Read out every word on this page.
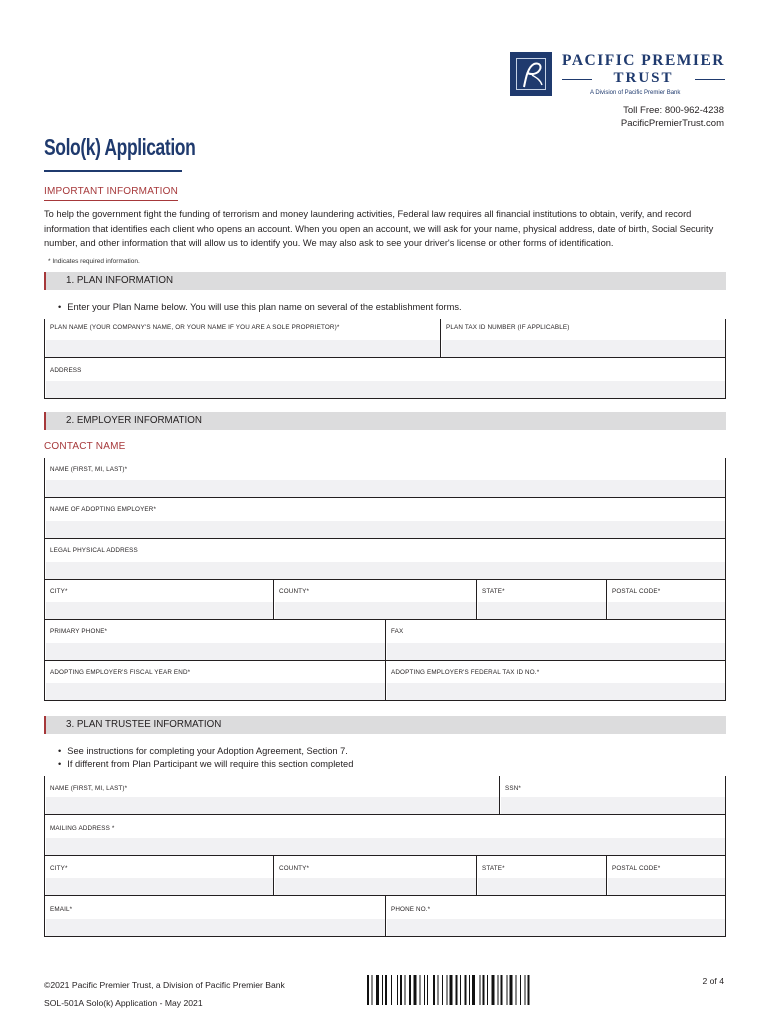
PACIFIC PREMIER
TRUST
A Division of Pacific Premier Bank
Toll Free: 800-962-4238
PacificPremierTrust.com
Solo(k) Application
IMPORTANT INFORMATION
To help the government fight the funding of terrorism and money laundering activities, Federal law requires all financial institutions to obtain, verify, and record information that identifies each client who opens an account. When you open an account, we will ask for your name, physical address, date of birth, Social Security number, and other information that will allow us to identify you. We may also ask to see your driver's license or other forms of identification.
* Indicates required information.
1. PLAN INFORMATION
• Enter your Plan Name below. You will use this plan name on several of the establishment forms.
PLAN NAME (YOUR COMPANY'S NAME, OR YOUR NAME IF YOU ARE A SOLE PROPRIETOR)*	PLAN TAX ID NUMBER (IF APPLICABLE)
ADDRESS
2. EMPLOYER INFORMATION
CONTACT NAME
NAME (FIRST, MI, LAST)*
NAME OF ADOPTING EMPLOYER*
LEGAL PHYSICAL ADDRESS
CITY*	COUNTY*	STATE*	POSTAL CODE*
PRIMARY PHONE*	FAX
ADOPTING EMPLOYER'S FISCAL YEAR END*	ADOPTING EMPLOYER'S FEDERAL TAX ID NO.*
3. PLAN TRUSTEE INFORMATION
• See instructions for completing your Adoption Agreement, Section 7.
• If different from Plan Participant we will require this section completed
NAME (FIRST, MI, LAST)*	SSN*
MAILING ADDRESS *
CITY*	COUNTY*	STATE*	POSTAL CODE*
EMAIL*	PHONE NO.*
©2021 Pacific Premier Trust, a Division of Pacific Premier Bank
SOL-501A Solo(k) Application - May 2021
2 of 4
